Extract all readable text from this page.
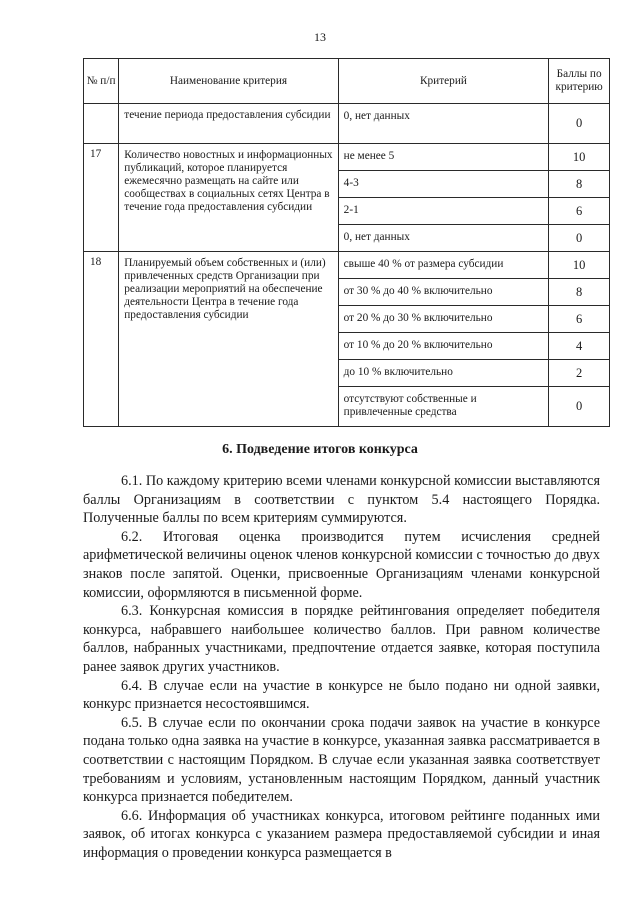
13
№ п/п	Наименование критерия	Критерий	Баллы по критерию
	течение периода предоставления субсидии	0, нет данных	0
17	Количество новостных и информационных публикаций, которое планируется ежемесячно размещать на сайте или сообществах в социальных сетях Центра в течение года предоставления субсидии	не менее 5	10
		4-3	8
		2-1	6
		0, нет данных	0
18	Планируемый объем собственных и (или) привлеченных средств Организации при реализации мероприятий на обеспечение деятельности Центра в течение года предоставления субсидии	свыше 40 % от размера субсидии	10
		от 30 % до 40 % включительно	8
		от 20 % до 30 % включительно	6
		от 10 % до 20 % включительно	4
		до 10 % включительно	2
		отсутствуют собственные и привлеченные средства	0
6. Подведение итогов конкурса

6.1. По каждому критерию всеми членами конкурсной комиссии выставляются баллы Организациям в соответствии с пунктом 5.4 настоящего Порядка. Полученные баллы по всем критериям суммируются.

6.2. Итоговая оценка производится путем исчисления средней арифметической величины оценок членов конкурсной комиссии с точностью до двух знаков после запятой. Оценки, присвоенные Организациям членами конкурсной комиссии, оформляются в письменной форме.

6.3. Конкурсная комиссия в порядке рейтингования определяет победителя конкурса, набравшего наибольшее количество баллов. При равном количестве баллов, набранных участниками, предпочтение отдается заявке, которая поступила ранее заявок других участников.

6.4. В случае если на участие в конкурсе не было подано ни одной заявки, конкурс признается несостоявшимся.

6.5. В случае если по окончании срока подачи заявок на участие в конкурсе подана только одна заявка на участие в конкурсе, указанная заявка рассматривается в соответствии с настоящим Порядком. В случае если указанная заявка соответствует требованиям и условиям, установленным настоящим Порядком, данный участник конкурса признается победителем.

6.6. Информация об участниках конкурса, итоговом рейтинге поданных ими заявок, об итогах конкурса с указанием размера предоставляемой субсидии и иная информация о проведении конкурса размещается в
